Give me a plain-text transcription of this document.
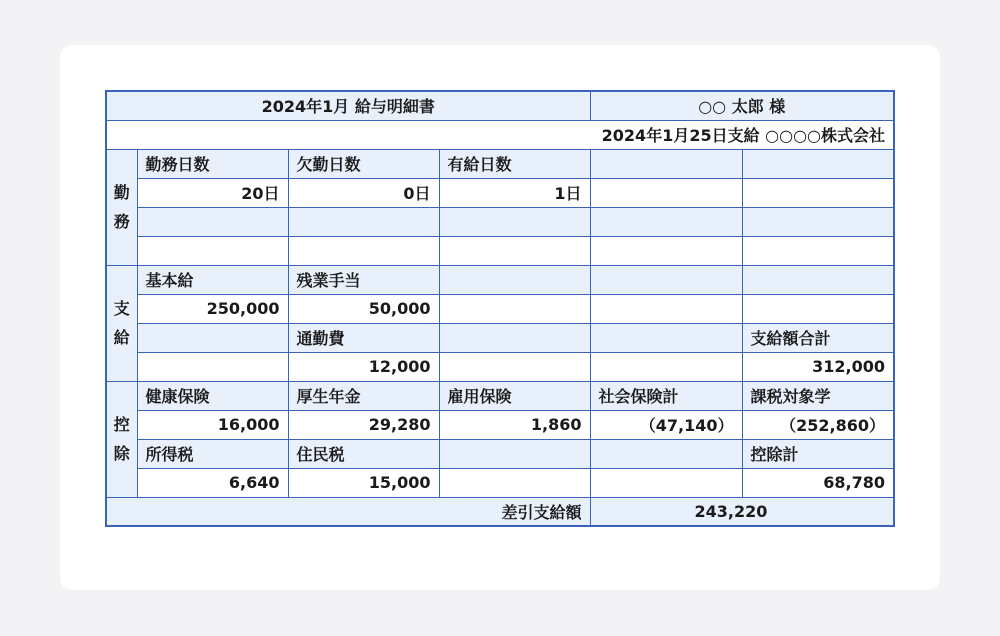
2024年1月 給与明細書				○○ 太郎 様	
2024年1月25日支給 ○○○○株式会社					

勤
務	勤務日数	欠勤日数	有給日数		
	20日	0日	1日		

支
給	基本給	残業手当			
	250,000	50,000			
		通勤費			支給額合計
		12,000			312,000

控
除	健康保険	厚生年金	雇用保険	社会保険計	課税対象学
	16,000	29,280	1,860	（47,140）	（252,860）
	所得税	住民税			控除計
	6,640	15,000			68,780
差引支給額				243,220	
